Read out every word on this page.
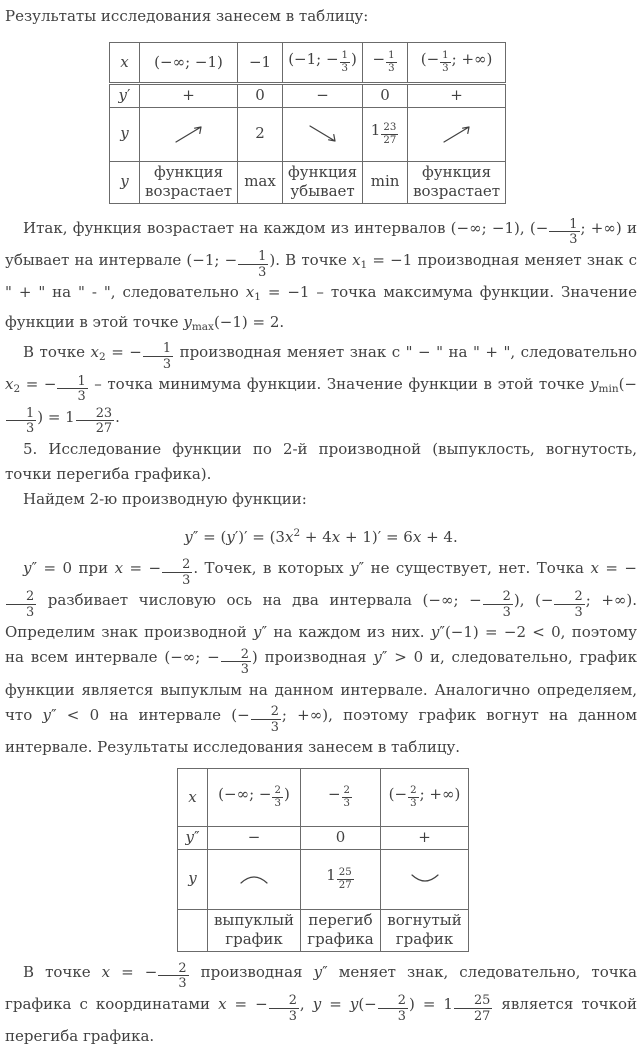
Результаты исследования занесем в таблицу:

x	(−∞; −1)	−1	(−1; − $\frac{1}{3}$ )	− $\frac{1}{3}$	(− $\frac{1}{3}$ ; +∞)
y′	+	0	−	0	+
y		2		$1 \frac{23}{27}$

y	функция возрастает	max	функция убывает	min	функция возрастает

Итак, функция возрастает на каждом из интервалов (−∞; −1), (− $\frac{1}{3}$ ; +∞) и убывает на интервале (−1; − $\frac{1}{3}$ ). В точке $x_1 = -1$ производная меняет знак с " + " на " - ", следовательно $x_1 = -1$ – точка максимума функции. Значение функции в этой точке $y_{max}(-1) = 2$.

В точке $x_2$ = − $\frac{1}{3}$ производная меняет знак с " − " на " + ", следовательно $x_2$ = − $\frac{1}{3}$ – точка минимума функции. Значение функции в этой точке $y_{min}(-$
$\frac{1}{3}$ ) = $1 \frac{23}{27}$ .

5. Исследование функции по 2-й производной (выпуклость, вогнутость, точки перегиба графика).

Найдем 2-ю производную функции:

$y'' = (y')' = (3x^2 + 4x + 1)' = 6x + 4$.

y″ = 0 при x = − $\frac{2}{3}$ . Точек, в которых y″ не существует, нет. Точка x = −
$\frac{2}{3}$ разбивает числовую ось на два интервала (−∞; − $\frac{2}{3}$ ), (− $\frac{2}{3}$ ; +∞). Определим знак производной y″ на каждом из них. y″(−1) = −2 < 0, поэтому на всем интервале (−∞; − $\frac{2}{3}$ ) производная y″ > 0 и, следовательно, график функции является выпуклым на данном интервале. Аналогично определяем, что y″ < 0 на интервале (− $\frac{2}{3}$ ; +∞), поэтому график вогнут на данном интервале. Результаты исследования занесем в таблицу.

x	(−∞; − $\frac{2}{3}$ )	− $\frac{2}{3}$	(− $\frac{2}{3}$ ; +∞)
y″	−	0	+
y		$1 \frac{25}{27}$

	выпуклый график	перегиб графика	вогнутый график

В точке x = − $\frac{2}{3}$ производная y″ меняет знак, следовательно, точка графика с координатами x = − $\frac{2}{3}$ , $y = y(- \frac{2}{3}$ ) = $1 \frac{25}{27}$ является точкой перегиба графика.
